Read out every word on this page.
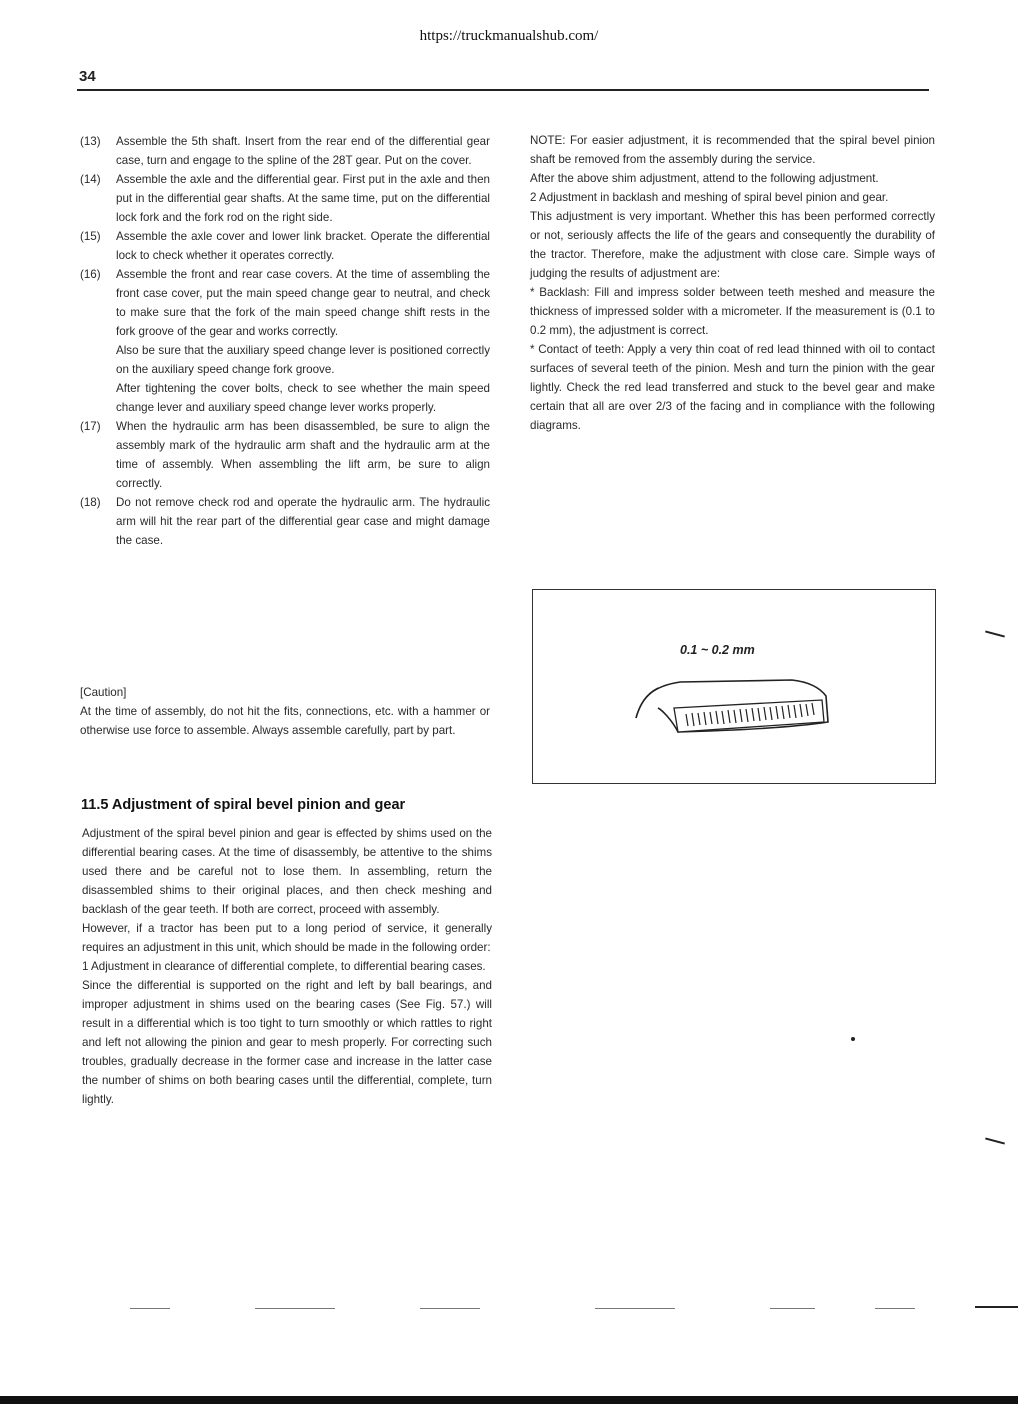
https://truckmanualshub.com/
34
(13)	Assemble the 5th shaft. Insert from the rear end of the differential gear case, turn and engage to the spline of the 28T gear. Put on the cover.
(14)	Assemble the axle and the differential gear. First put in the axle and then put in the differential gear shafts. At the same time, put on the differential lock fork and the fork rod on the right side.
(15)	Assemble the axle cover and lower link bracket. Operate the differential lock to check whether it operates correctly.
(16)	Assemble the front and rear case covers. At the time of assembling the front case cover, put the main speed change gear to neutral, and check to make sure that the fork of the main speed change shift rests in the fork groove of the gear and works correctly.
Also be sure that the auxiliary speed change lever is positioned correctly on the auxiliary speed change fork groove.
After tightening the cover bolts, check to see whether the main speed change lever and auxiliary speed change lever works properly.
(17)	When the hydraulic arm has been disassembled, be sure to align the assembly mark of the hydraulic arm shaft and the hydraulic arm at the time of assembly. When assembling the lift arm, be sure to align correctly.
(18)	Do not remove check rod and operate the hydraulic arm. The hydraulic arm will hit the rear part of the differential gear case and might damage the case.
[Caution]

At the time of assembly, do not hit the fits, connections, etc. with a hammer or otherwise use force to assemble. Always assemble carefully, part by part.

11.5 Adjustment of spiral bevel pinion and gear

Adjustment of the spiral bevel pinion and gear is effected by shims used on the differential bearing cases. At the time of disassembly, be attentive to the shims used there and be careful not to lose them. In assembling, return the disassembled shims to their original places, and then check meshing and backlash of the gear teeth. If both are correct, proceed with assembly.

However, if a tractor has been put to a long period of service, it generally requires an adjustment in this unit, which should be made in the following order:

1 Adjustment in clearance of differential complete, to differential bearing cases.

Since the differential is supported on the right and left by ball bearings, and improper adjustment in shims used on the bearing cases (See Fig. 57.) will result in a differential which is too tight to turn smoothly or which rattles to right and left not allowing the pinion and gear to mesh properly. For correcting such troubles, gradually decrease in the former case and increase in the latter case the number of shims on both bearing cases until the differential, complete, turn lightly.

NOTE: For easier adjustment, it is recommended that the spiral bevel pinion shaft be removed from the assembly during the service.

After the above shim adjustment, attend to the following adjustment.

2 Adjustment in backlash and meshing of spiral bevel pinion and gear.

This adjustment is very important. Whether this has been performed correctly or not, seriously affects the life of the gears and consequently the durability of the tractor. Therefore, make the adjustment with close care. Simple ways of judging the results of adjustment are:

* Backlash: Fill and impress solder between teeth meshed and measure the thickness of impressed solder with a micrometer. If the measurement is (0.1 to 0.2 mm), the adjustment is correct.

* Contact of teeth: Apply a very thin coat of red lead thinned with oil to contact surfaces of several teeth of the pinion. Mesh and turn the pinion with the gear lightly. Check the red lead transferred and stuck to the bevel gear and make certain that all are over 2/3 of the facing and in compliance with the following diagrams.

0.1 ~ 0.2 mm
